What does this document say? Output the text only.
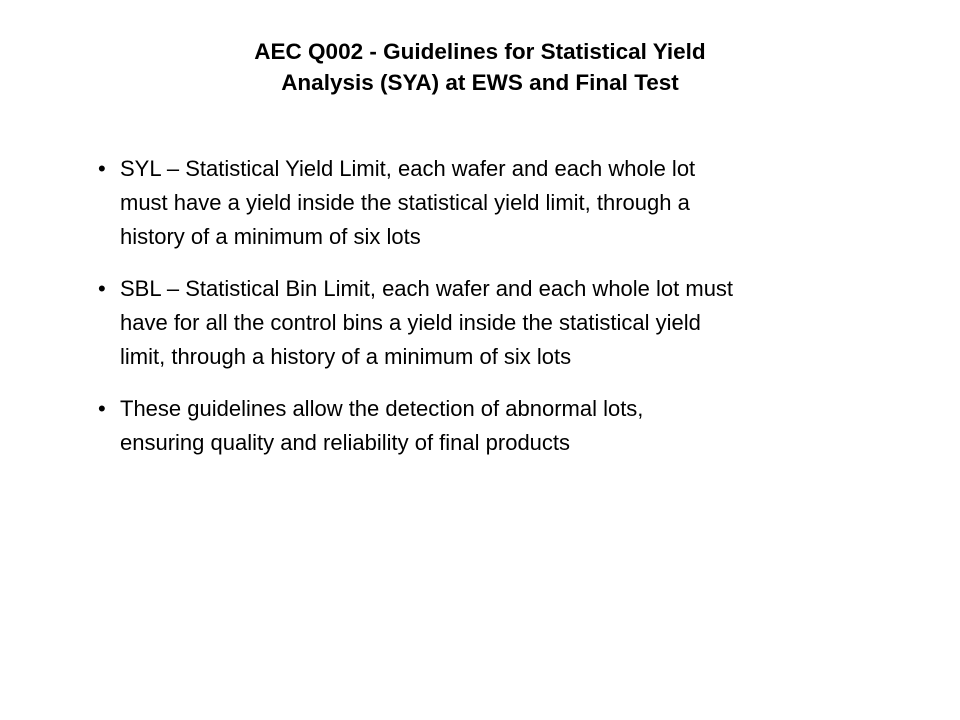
AEC Q002 - Guidelines for Statistical Yield
Analysis (SYA) at EWS and Final Test
• SYL – Statistical Yield Limit, each wafer and each whole lot
must have a yield inside the statistical yield limit, through a
history of a minimum of six lots
• SBL – Statistical Bin Limit, each wafer and each whole lot must
have for all the control bins a yield inside the statistical yield
limit, through a history of a minimum of six lots
• These guidelines allow the detection of abnormal lots,
ensuring quality and reliability of final products
